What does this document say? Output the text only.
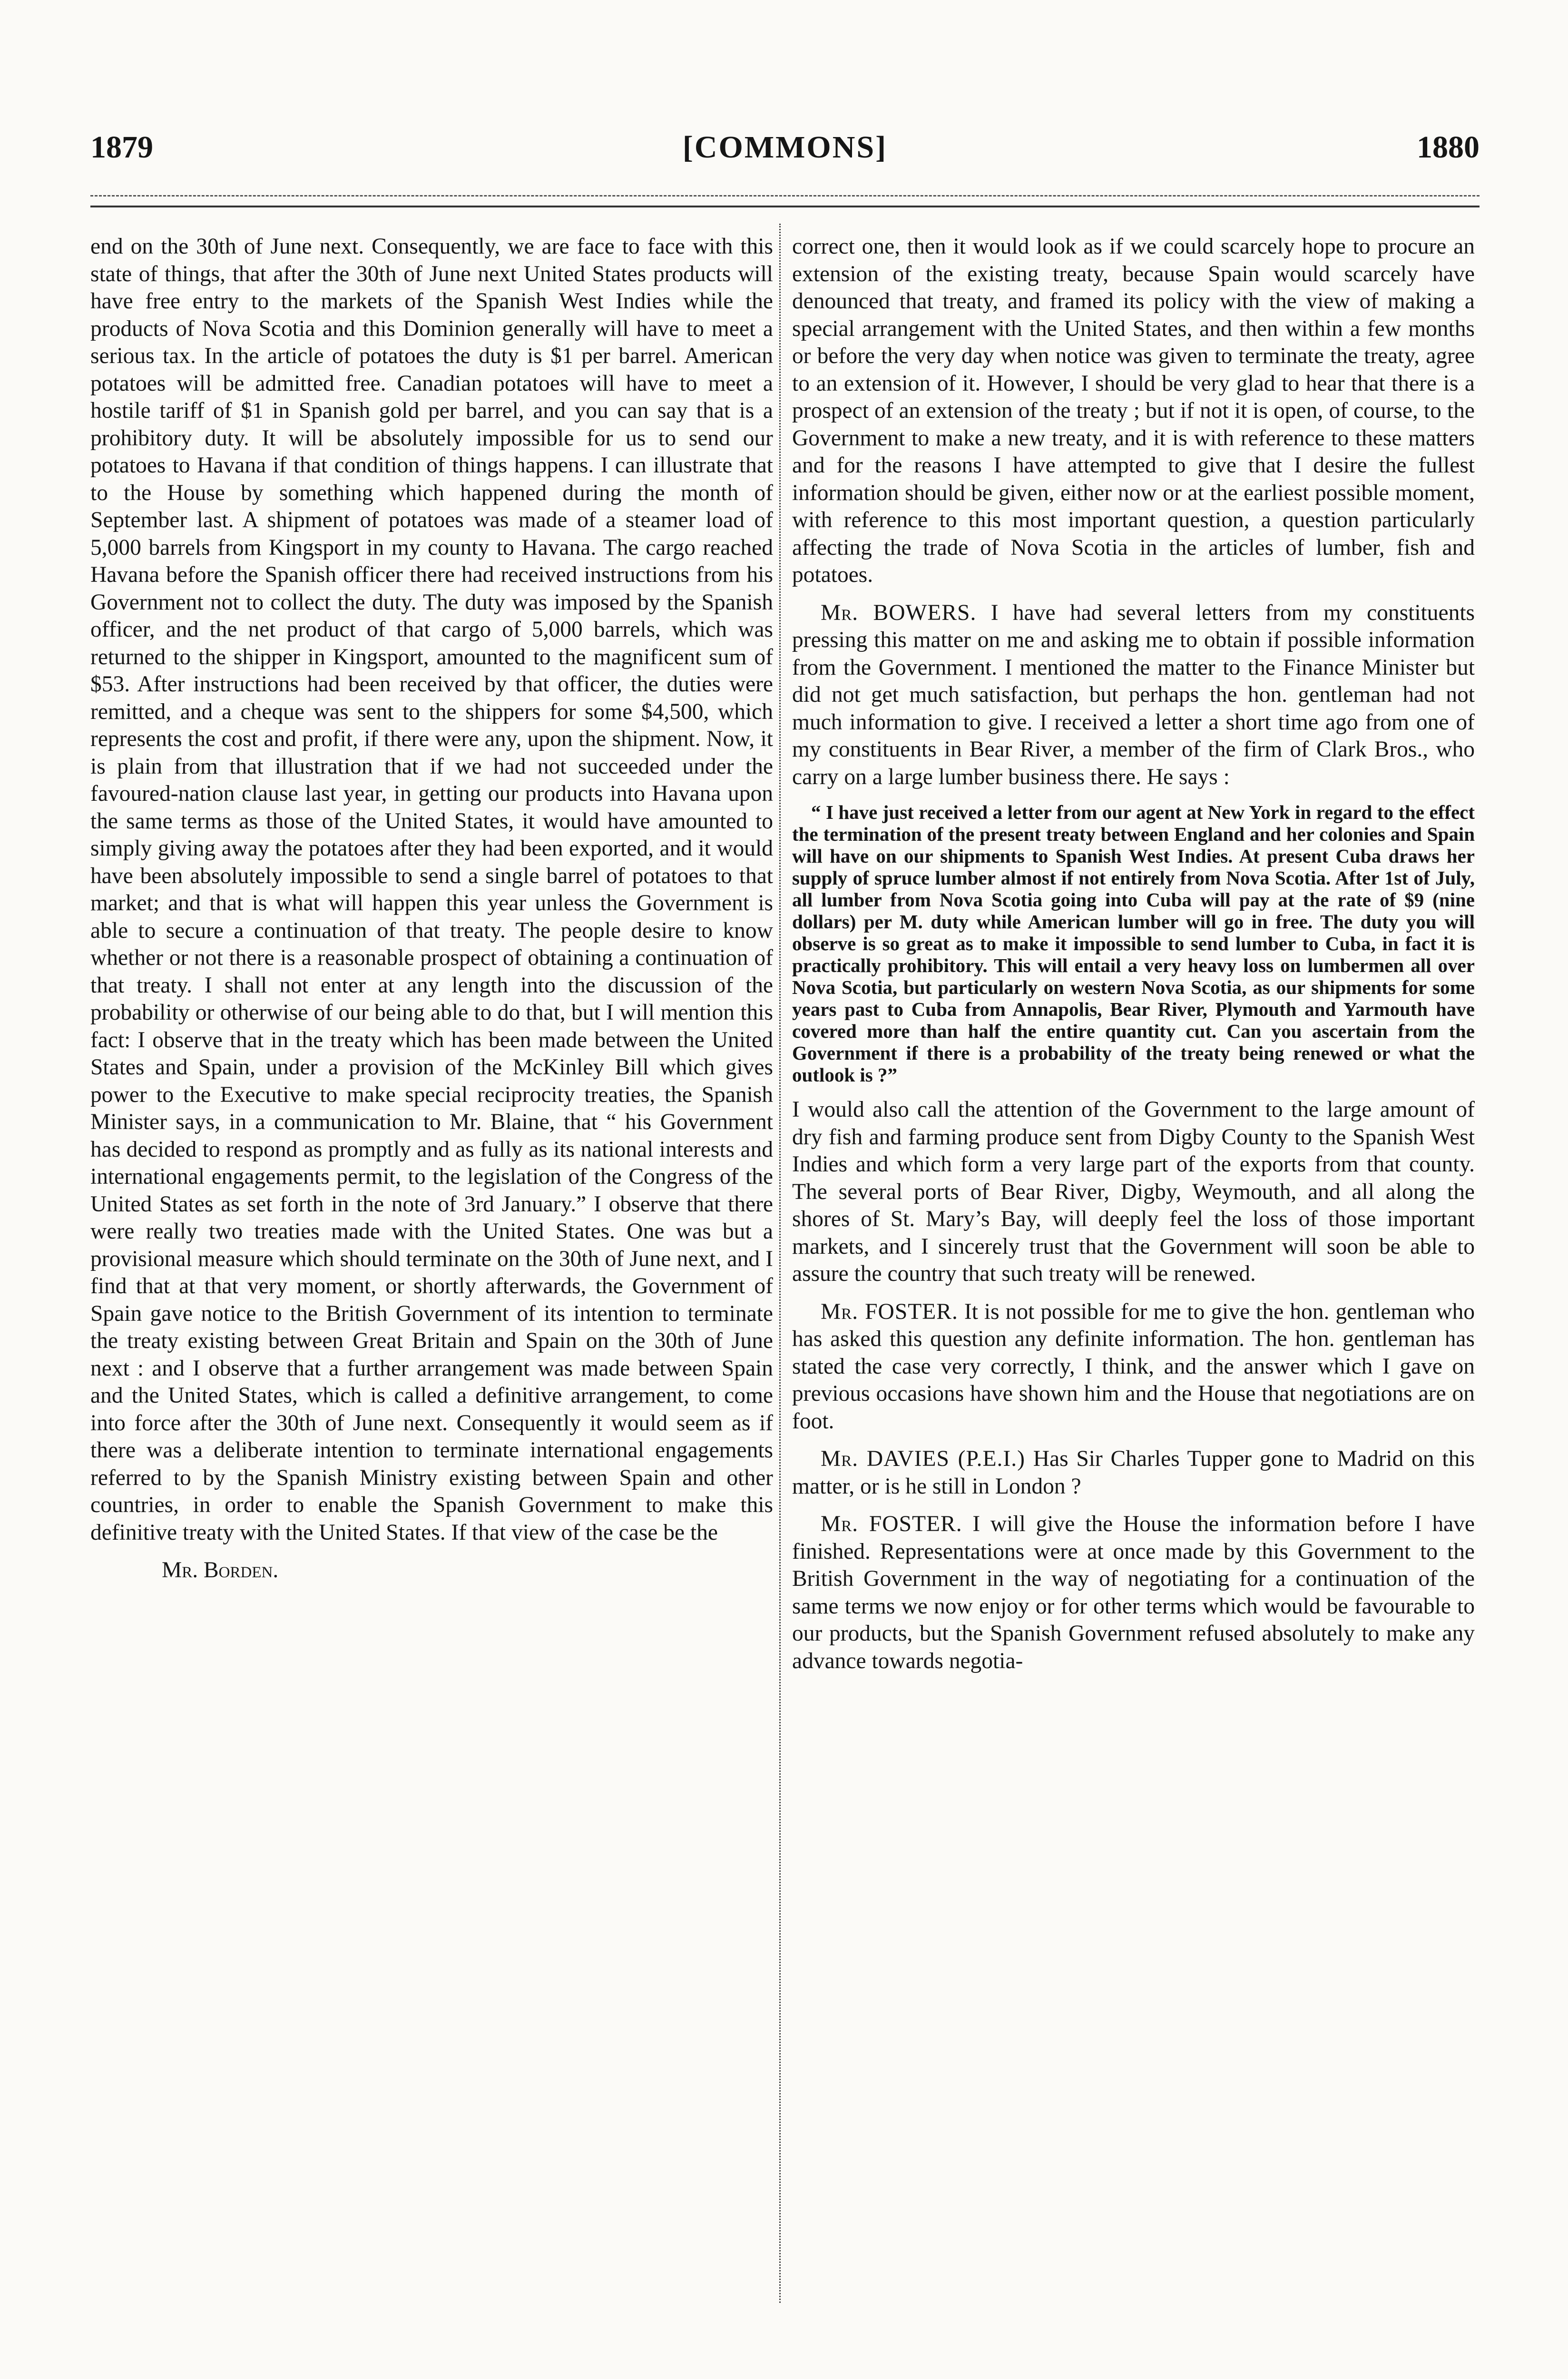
1879	[COMMONS]	1880

end on the 30th of June next. Consequently, we are face to face with this state of things, that after the 30th of June next United States products will have free entry to the markets of the Spanish West Indies while the products of Nova Scotia and this Dominion generally will have to meet a serious tax. In the article of potatoes the duty is $1 per barrel. American potatoes will be admitted free. Canadian potatoes will have to meet a hostile tariff of $1 in Spanish gold per barrel, and you can say that is a prohibitory duty. It will be absolutely impossible for us to send our potatoes to Havana if that condition of things happens. I can illustrate that to the House by something which happened during the month of September last. A shipment of potatoes was made of a steamer load of 5,000 barrels from Kingsport in my county to Havana. The cargo reached Havana before the Spanish officer there had received instructions from his Government not to collect the duty. The duty was imposed by the Spanish officer, and the net product of that cargo of 5,000 barrels, which was returned to the shipper in Kingsport, amounted to the magnificent sum of $53. After instructions had been received by that officer, the duties were remitted, and a cheque was sent to the shippers for some $4,500, which represents the cost and profit, if there were any, upon the shipment. Now, it is plain from that illustration that if we had not succeeded under the favoured-nation clause last year, in getting our products into Havana upon the same terms as those of the United States, it would have amounted to simply giving away the potatoes after they had been exported, and it would have been absolutely impossible to send a single barrel of potatoes to that market; and that is what will happen this year unless the Government is able to secure a continuation of that treaty. The people desire to know whether or not there is a reasonable prospect of obtaining a continuation of that treaty. I shall not enter at any length into the discussion of the probability or otherwise of our being able to do that, but I will mention this fact: I observe that in the treaty which has been made between the United States and Spain, under a provision of the McKinley Bill which gives power to the Executive to make special reciprocity treaties, the Spanish Minister says, in a communication to Mr. Blaine, that “ his Government has decided to respond as promptly and as fully as its national interests and international engagements permit, to the legislation of the Congress of the United States as set forth in the note of 3rd January.” I observe that there were really two treaties made with the United States. One was but a provisional measure which should terminate on the 30th of June next, and I find that at that very moment, or shortly afterwards, the Government of Spain gave notice to the British Government of its intention to terminate the treaty existing between Great Britain and Spain on the 30th of June next : and I observe that a further arrangement was made between Spain and the United States, which is called a definitive arrangement, to come into force after the 30th of June next. Consequently it would seem as if there was a deliberate intention to terminate international engagements referred to by the Spanish Ministry existing between Spain and other countries, in order to enable the Spanish Government to make this definitive treaty with the United States. If that view of the case be the

Mr. Borden.

correct one, then it would look as if we could scarcely hope to procure an extension of the existing treaty, because Spain would scarcely have denounced that treaty, and framed its policy with the view of making a special arrangement with the United States, and then within a few months or before the very day when notice was given to terminate the treaty, agree to an extension of it. However, I should be very glad to hear that there is a prospect of an extension of the treaty ; but if not it is open, of course, to the Government to make a new treaty, and it is with reference to these matters and for the reasons I have attempted to give that I desire the fullest information should be given, either now or at the earliest possible moment, with reference to this most important question, a question particularly affecting the trade of Nova Scotia in the articles of lumber, fish and potatoes.

Mr. BOWERS. I have had several letters from my constituents pressing this matter on me and asking me to obtain if possible information from the Government. I mentioned the matter to the Finance Minister but did not get much satisfaction, but perhaps the hon. gentleman had not much information to give. I received a letter a short time ago from one of my constituents in Bear River, a member of the firm of Clark Bros., who carry on a large lumber business there. He says :

“ I have just received a letter from our agent at New York in regard to the effect the termination of the present treaty between England and her colonies and Spain will have on our shipments to Spanish West Indies. At present Cuba draws her supply of spruce lumber almost if not entirely from Nova Scotia. After 1st of July, all lumber from Nova Scotia going into Cuba will pay at the rate of $9 (nine dollars) per M. duty while American lumber will go in free. The duty you will observe is so great as to make it impossible to send lumber to Cuba, in fact it is practically prohibitory. This will entail a very heavy loss on lumbermen all over Nova Scotia, but particularly on western Nova Scotia, as our shipments for some years past to Cuba from Annapolis, Bear River, Plymouth and Yarmouth have covered more than half the entire quantity cut. Can you ascertain from the Government if there is a probability of the treaty being renewed or what the outlook is ?”

I would also call the attention of the Government to the large amount of dry fish and farming produce sent from Digby County to the Spanish West Indies and which form a very large part of the exports from that county. The several ports of Bear River, Digby, Weymouth, and all along the shores of St. Mary’s Bay, will deeply feel the loss of those important markets, and I sincerely trust that the Government will soon be able to assure the country that such treaty will be renewed.

Mr. FOSTER. It is not possible for me to give the hon. gentleman who has asked this question any definite information. The hon. gentleman has stated the case very correctly, I think, and the answer which I gave on previous occasions have shown him and the House that negotiations are on foot.

Mr. DAVIES (P.E.I.) Has Sir Charles Tupper gone to Madrid on this matter, or is he still in London ?

Mr. FOSTER. I will give the House the information before I have finished. Representations were at once made by this Government to the British Government in the way of negotiating for a continuation of the same terms we now enjoy or for other terms which would be favourable to our products, but the Spanish Government refused absolutely to make any advance towards negotia-
